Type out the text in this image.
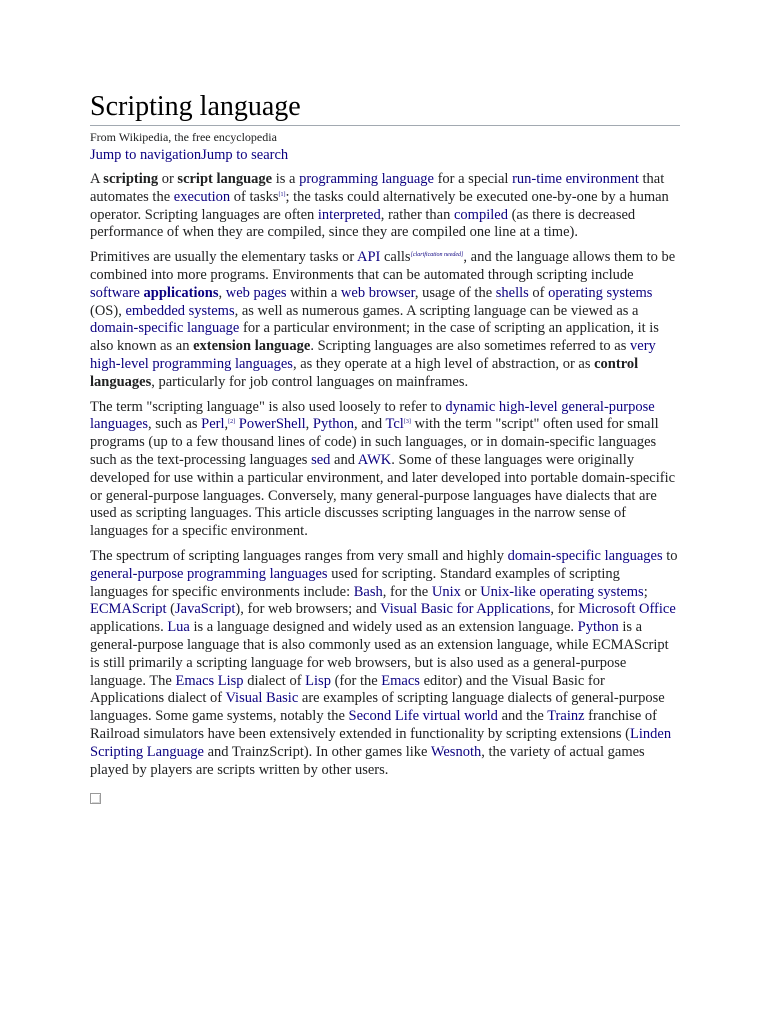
Scripting language
From Wikipedia, the free encyclopedia
Jump to navigationJump to search

A scripting or script language is a programming language for a special run-time environment that automates the execution of tasks[1]; the tasks could alternatively be executed one-by-one by a human operator. Scripting languages are often interpreted, rather than compiled (as there is decreased performance of when they are compiled, since they are compiled one line at a time).

Primitives are usually the elementary tasks or API calls[clarification needed], and the language allows them to be combined into more programs. Environments that can be automated through scripting include software applications, web pages within a web browser, usage of the shells of operating systems (OS), embedded systems, as well as numerous games. A scripting language can be viewed as a domain-specific language for a particular environment; in the case of scripting an application, it is also known as an extension language. Scripting languages are also sometimes referred to as very high-level programming languages, as they operate at a high level of abstraction, or as control languages, particularly for job control languages on mainframes.

The term "scripting language" is also used loosely to refer to dynamic high-level general-purpose languages, such as Perl,[2] PowerShell, Python, and Tcl[3] with the term "script" often used for small programs (up to a few thousand lines of code) in such languages, or in domain-specific languages such as the text-processing languages sed and AWK. Some of these languages were originally developed for use within a particular environment, and later developed into portable domain-specific or general-purpose languages. Conversely, many general-purpose languages have dialects that are used as scripting languages. This article discusses scripting languages in the narrow sense of languages for a specific environment.

The spectrum of scripting languages ranges from very small and highly domain-specific languages to general-purpose programming languages used for scripting. Standard examples of scripting languages for specific environments include: Bash, for the Unix or Unix-like operating systems; ECMAScript (JavaScript), for web browsers; and Visual Basic for Applications, for Microsoft Office applications. Lua is a language designed and widely used as an extension language. Python is a general-purpose language that is also commonly used as an extension language, while ECMAScript is still primarily a scripting language for web browsers, but is also used as a general-purpose language. The Emacs Lisp dialect of Lisp (for the Emacs editor) and the Visual Basic for Applications dialect of Visual Basic are examples of scripting language dialects of general-purpose languages. Some game systems, notably the Second Life virtual world and the Trainz franchise of Railroad simulators have been extensively extended in functionality by scripting extensions (Linden Scripting Language and TrainzScript). In other games like Wesnoth, the variety of actual games played by players are scripts written by other users.
